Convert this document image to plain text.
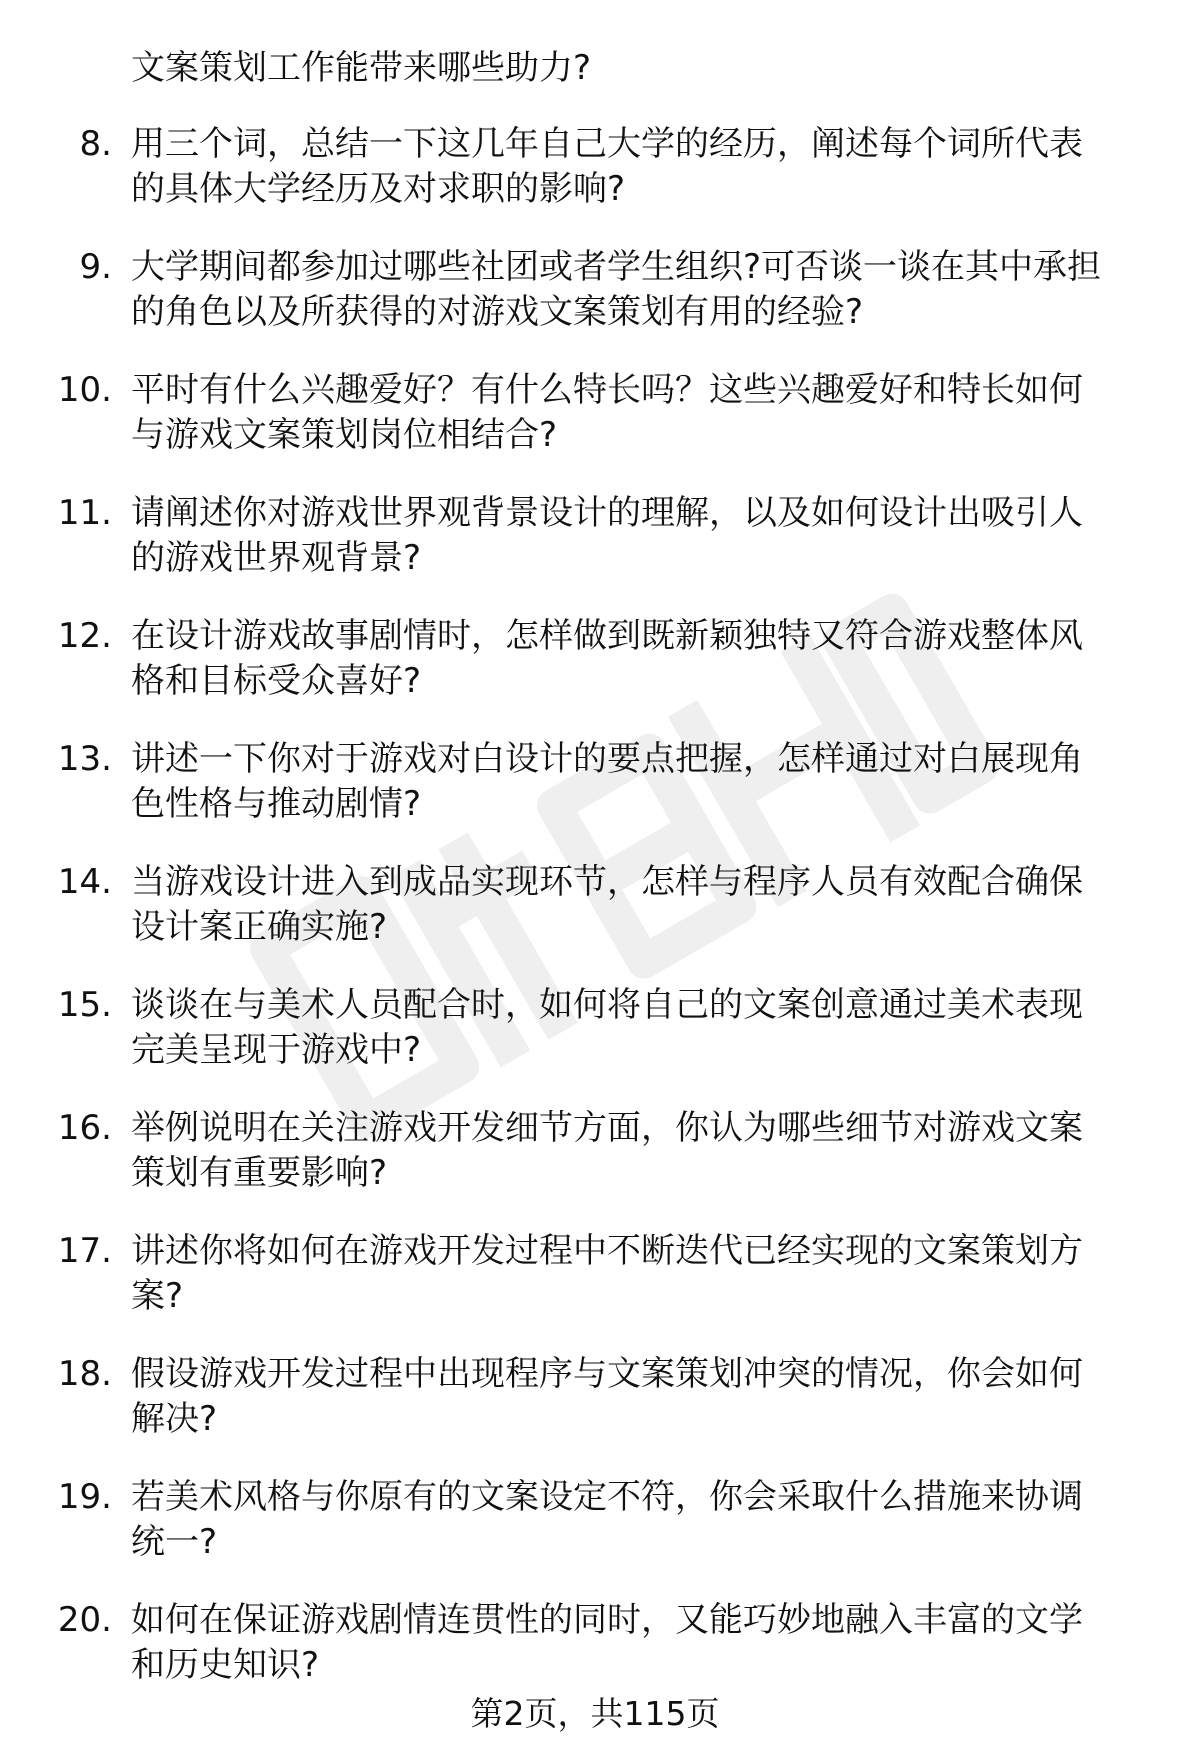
文案策划工作能带来哪些助力?
8. 用三个词，总结一下这几年自己大学的经历，阐述每个词所代表
的具体大学经历及对求职的影响?
9. 大学期间都参加过哪些社团或者学生组织?可否谈一谈在其中承担
的角色以及所获得的对游戏文案策划有用的经验?
10. 平时有什么兴趣爱好？有什么特长吗？这些兴趣爱好和特长如何
与游戏文案策划岗位相结合?
11. 请阐述你对游戏世界观背景设计的理解，以及如何设计出吸引人
的游戏世界观背景?
12. 在设计游戏故事剧情时，怎样做到既新颖独特又符合游戏整体风
格和目标受众喜好?
13. 讲述一下你对于游戏对白设计的要点把握，怎样通过对白展现角
色性格与推动剧情?
14. 当游戏设计进入到成品实现环节，怎样与程序人员有效配合确保
设计案正确实施?
15. 谈谈在与美术人员配合时，如何将自己的文案创意通过美术表现
完美呈现于游戏中?
16. 举例说明在关注游戏开发细节方面，你认为哪些细节对游戏文案
策划有重要影响?
17. 讲述你将如何在游戏开发过程中不断迭代已经实现的文案策划方
案?
18. 假设游戏开发过程中出现程序与文案策划冲突的情况，你会如何
解决?
19. 若美术风格与你原有的文案设定不符，你会采取什么措施来协调
统一?
20. 如何在保证游戏剧情连贯性的同时，又能巧妙地融入丰富的文学
和历史知识?
第2页，共115页
